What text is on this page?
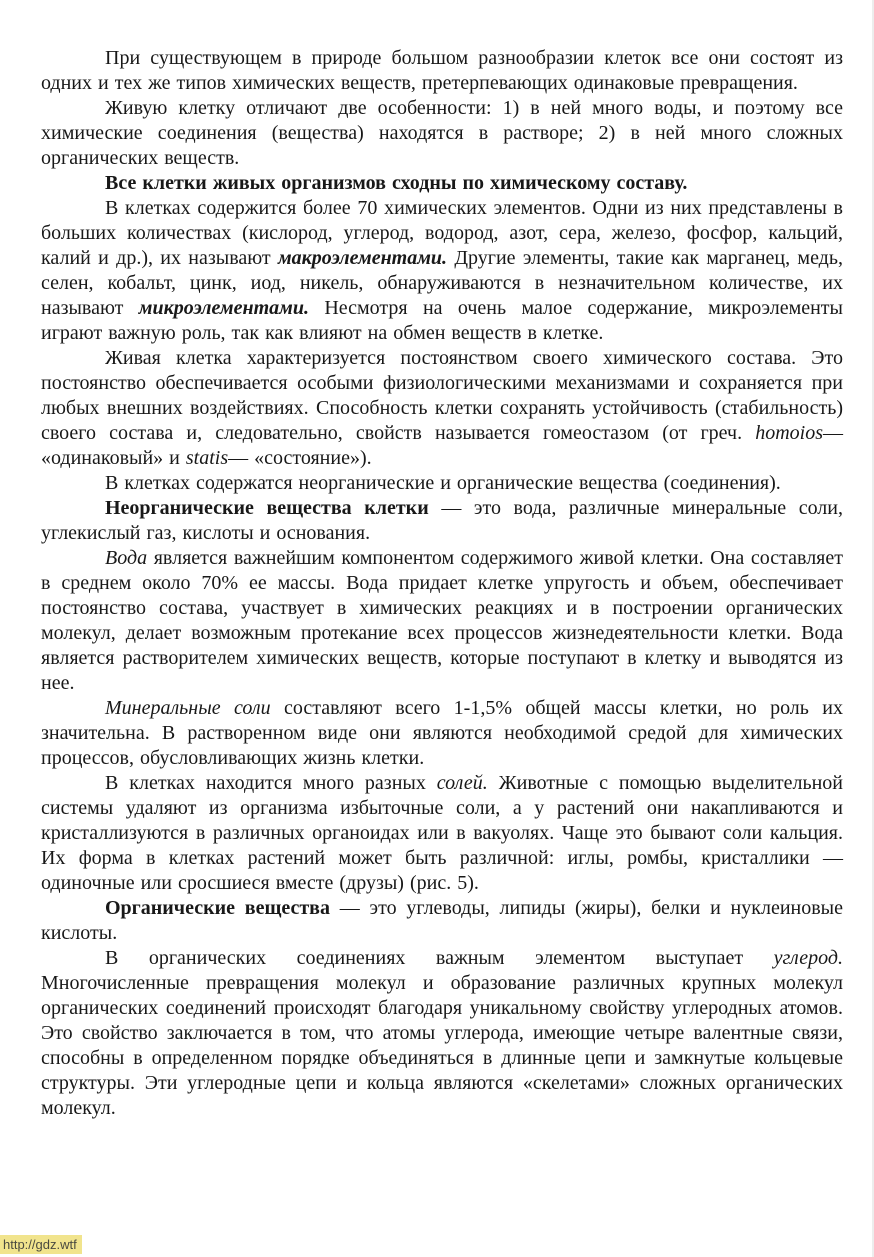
При существующем в природе большом разнообразии клеток все они состоят из одних и тех же типов химических веществ, претерпевающих одинаковые превращения.

Живую клетку отличают две особенности: 1) в ней много воды, и поэтому все химические соединения (вещества) находятся в растворе; 2) в ней много сложных органических веществ.

Все клетки живых организмов сходны по химическому составу.

В клетках содержится более 70 химических элементов. Одни из них представлены в больших количествах (кислород, углерод, водород, азот, сера, железо, фосфор, кальций, калий и др.), их называют макроэлементами. Другие элементы, такие как марганец, медь, селен, кобальт, цинк, иод, никель, обнаруживаются в незначительном количестве, их называют микроэлементами. Несмотря на очень малое содержание, микроэлементы играют важную роль, так как влияют на обмен веществ в клетке.

Живая клетка характеризуется постоянством своего химического состава. Это постоянство обеспечивается особыми физиологическими механизмами и сохраняется при любых внешних воздействиях. Способность клетки сохранять устойчивость (стабильность) своего состава и, следовательно, свойств называется гомеостазом (от греч. homoios— «одинаковый» и statis— «состояние»).

В клетках содержатся неорганические и органические вещества (соединения).

Неорганические вещества клетки — это вода, различные минеральные соли, углекислый газ, кислоты и основания.

Вода является важнейшим компонентом содержимого живой клетки. Она составляет в среднем около 70% ее массы. Вода придает клетке упругость и объем, обеспечивает постоянство состава, участвует в химических реакциях и в построении органических молекул, делает возможным протекание всех процессов жизнедеятельности клетки. Вода является растворителем химических веществ, которые поступают в клетку и выводятся из нее.

Минеральные соли составляют всего 1-1,5% общей массы клетки, но роль их значительна. В растворенном виде они являются необходимой средой для химических процессов, обусловливающих жизнь клетки.

В клетках находится много разных солей. Животные с помощью выделительной системы удаляют из организма избыточные соли, а у растений они накапливаются и кристаллизуются в различных органоидах или в вакуолях. Чаще это бывают соли кальция. Их форма в клетках растений может быть различной: иглы, ромбы, кристаллики — одиночные или сросшиеся вместе (друзы) (рис. 5).

Органические вещества — это углеводы, липиды (жиры), белки и нуклеиновые кислоты.

В органических соединениях важным элементом выступает углерод. Многочисленные превращения молекул и образование различных крупных молекул органических соединений происходят благодаря уникальному свойству углеродных атомов. Это свойство заключается в том, что атомы углерода, имеющие четыре валентные связи, способны в определенном порядке объединяться в длинные цепи и замкнутые кольцевые структуры. Эти углеродные цепи и кольца являются «скелетами» сложных органических молекул.

http://gdz.wtf
